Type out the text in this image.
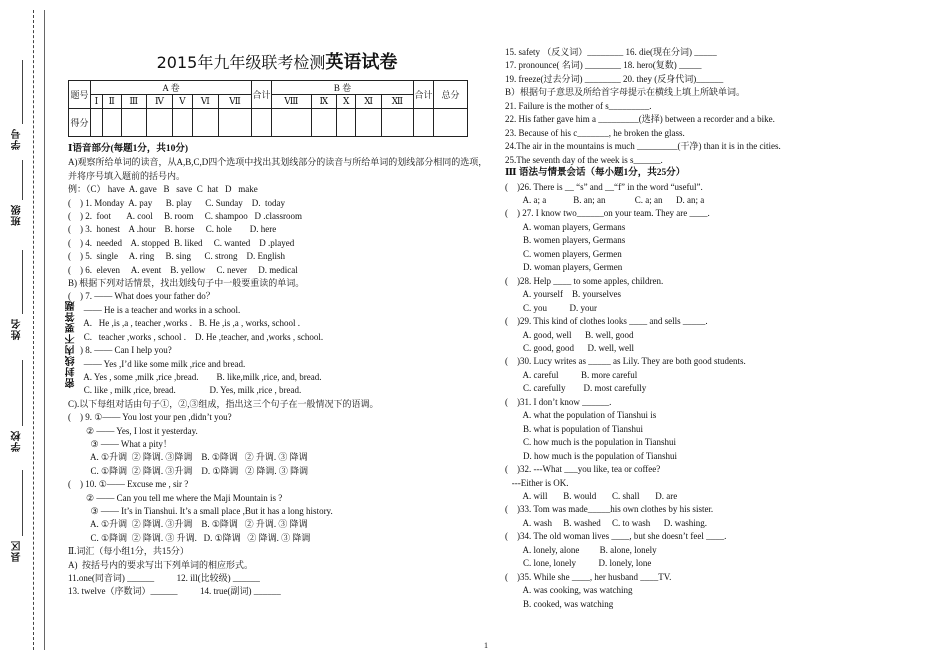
学号
班级
姓名
学校
县区
密封线内不要答题
2015年九年级联考检测英语试卷
题号	A 卷							合计	B 卷					合计	总分
	Ⅰ	Ⅱ	Ⅲ	Ⅳ	Ⅴ	Ⅵ	Ⅶ		Ⅷ	Ⅸ	Ⅹ	Ⅺ	Ⅻ		
得分															
Ⅰ语音部分(每题1分，共10分)
A)观察所给单词的读音，从A,B,C,D四个选项中找出其划线部分的读音与所给单词的划线部分相同的选项，
并将序号填入题前的括号内。
例：（C） have  A. gave   B   save  C  hat   D   make
(    ) 1. Monday  A. pay      B. play      C. Sunday    D.  today
(    ) 2.  foot       A. cool     B. room     C. shampoo   D .classroom
(    ) 3.  honest    A .hour    B. horse     C. hole        D. here
(    ) 4.  needed    A. stopped  B. liked     C. wanted    D .played
(    ) 5.  single     A. ring     B. sing      C. strong    D. English
(    ) 6.  eleven     A. event    B. yellow     C. never     D. medical
B) 根据下列对话情景，找出划线句子中一般要重读的单词。
(    ) 7. —— What does your father do？
—— He is a teacher and works in a school.
A.   He ,is ,a , teacher ,works .   B. He ,is ,a , works, school .
C.   teacher ,works , school .    D. He ,teacher, and ,works , school.
(    ) 8. —— Can I help you?
—— Yes ,I’d like some milk ,rice and bread.
A. Yes , some ,milk ,rice ,bread.        B. like,milk ,rice, and, bread.
C. like , milk ,rice, bread.               D. Yes, milk ,rice , bread.
C).以下每组对话由句子①，②,③组成，指出这三个句子在一般情况下的语调。
(    ) 9. ①—— You lost your pen ,didn’t you?
② —— Yes, I lost it yesterday.
③ —— What a pity！
A. ①升调  ② 降调. ③降调    B. ①降调   ② 升调. ③ 降调
C. ①降调  ② 降调. ③升调    D. ①降调   ② 降调. ③ 降调
(    ) 10. ①—— Excuse me , sir ?
② —— Can you tell me where the Maji Mountain is ?
③ —— It’s in Tianshui. It’s a small place ,But it has a long history.
A. ①升调  ② 降调. ③升调    B. ①降调   ② 升调. ③ 降调
C. ①降调  ② 降调. ③ 升调.   D. ①降调   ② 降调. ③ 降调
Ⅱ.词汇（每小组1分，共15分）
A)  按括号内的要求写出下列单词的相应形式。
11.one(同音词) ______          12. ill(比较级) ______
13. twelve（序数词）______          14. true(副词) ______
15. safety （反义词）________ 16. die(现在分词) _____
17. pronounce( 名词) ________ 18. hero(复数) _____
19. freeze(过去分词) ________ 20. they (反身代词)______
B）根据句子意思及所给首字母提示在横线上填上所缺单词。
21. Failure is the mother of s_________.
22. His father gave him a _________(选择) between a recorder and a bike.
23. Because of his c_______, he broken the glass.
24.The air in the mountains is much _________(干净) than it is in the cities.
25.The seventh day of the week is s______.
Ⅲ 语法与情景会话（每小题1分，共25分）
(    )26. There is __ “s” and __“f” in the word “useful”.
A. a; a            B. an; an             C. a; an      D. an; a
(    ) 27. I know two______on your team. They are ____.
A. woman players, Germans
B. women players, Germans
C. women players, Germen
D. woman players, Germen
(    )28. Help ____ to some apples, children.
A. yourself    B. yourselves
C. you          D. your
(    )29. This kind of clothes looks ____ and sells _____.
A. good, well      B. well, good
C. good, good      D. well, well
(    )30. Lucy writes as _____ as Lily. They are both good students.
A. careful          B. more careful
C. carefully        D. most carefully
(    )31. I don’t know ______.
A. what the population of Tianshui is
B. what is population of Tianshui
C. how much is the population in Tianshui
D. how much is the population of Tianshui
(    )32. ---What ___you like, tea or coffee?
---Either is OK.
A. will       B. would       C. shall       D. are
(    )33. Tom was made_____his own clothes by his sister.
A. wash     B. washed     C. to wash      D. washing.
(    )34. The old woman lives ____, but she doesn’t feel ____.
A. lonely, alone         B. alone, lonely
C. lone, lonely          D. lonely, lone
(    )35. While she ____, her husband ____TV.
A. was cooking, was watching
B. cooked, was watching
1
